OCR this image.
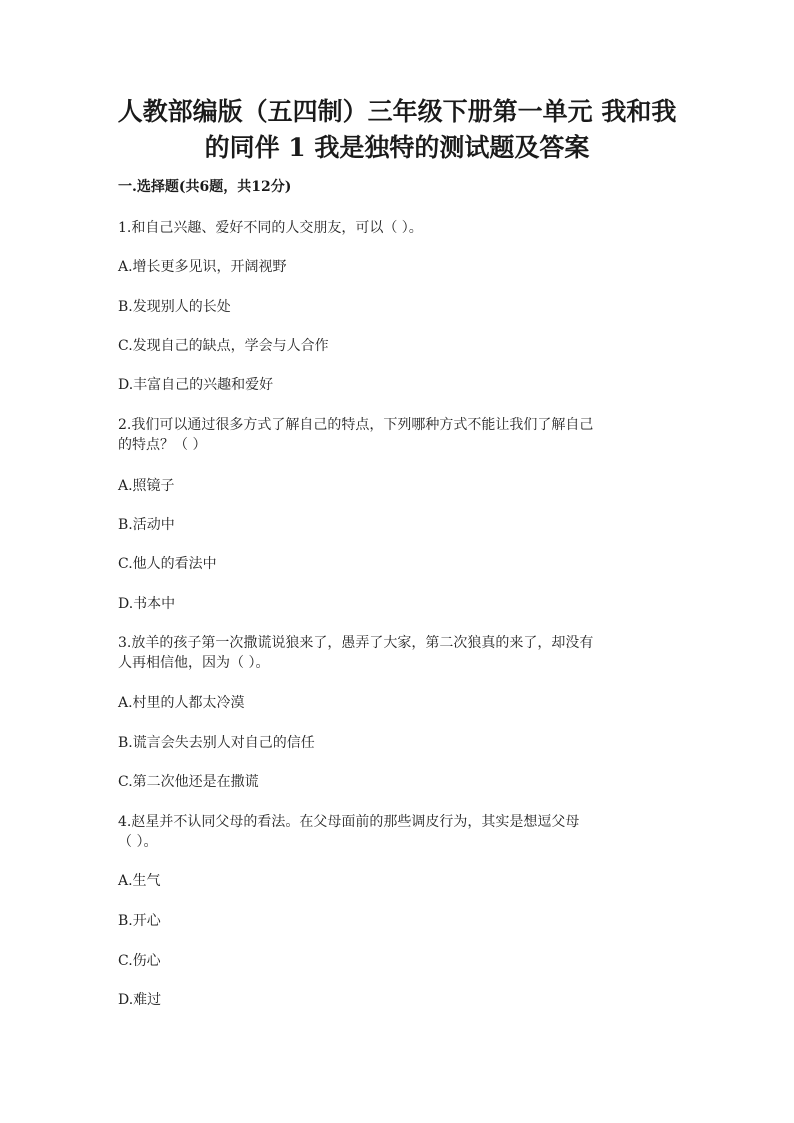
人教部编版（五四制）三年级下册第一单元 我和我
的同伴 1 我是独特的测试题及答案
一.选择题(共6题，共12分)

1.和自己兴趣、爱好不同的人交朋友，可以（ ）。

A.增长更多见识，开阔视野

B.发现别人的长处

C.发现自己的缺点，学会与人合作

D.丰富自己的兴趣和爱好

2.我们可以通过很多方式了解自己的特点，下列哪种方式不能让我们了解自己

的特点？（ ）

A.照镜子

B.活动中

C.他人的看法中

D.书本中

3.放羊的孩子第一次撒谎说狼来了，愚弄了大家，第二次狼真的来了，却没有

人再相信他，因为（ ）。

A.村里的人都太冷漠

B.谎言会失去别人对自己的信任

C.第二次他还是在撒谎

4.赵星并不认同父母的看法。在父母面前的那些调皮行为，其实是想逗父母

（ ）。

A.生气

B.开心

C.伤心

D.难过
